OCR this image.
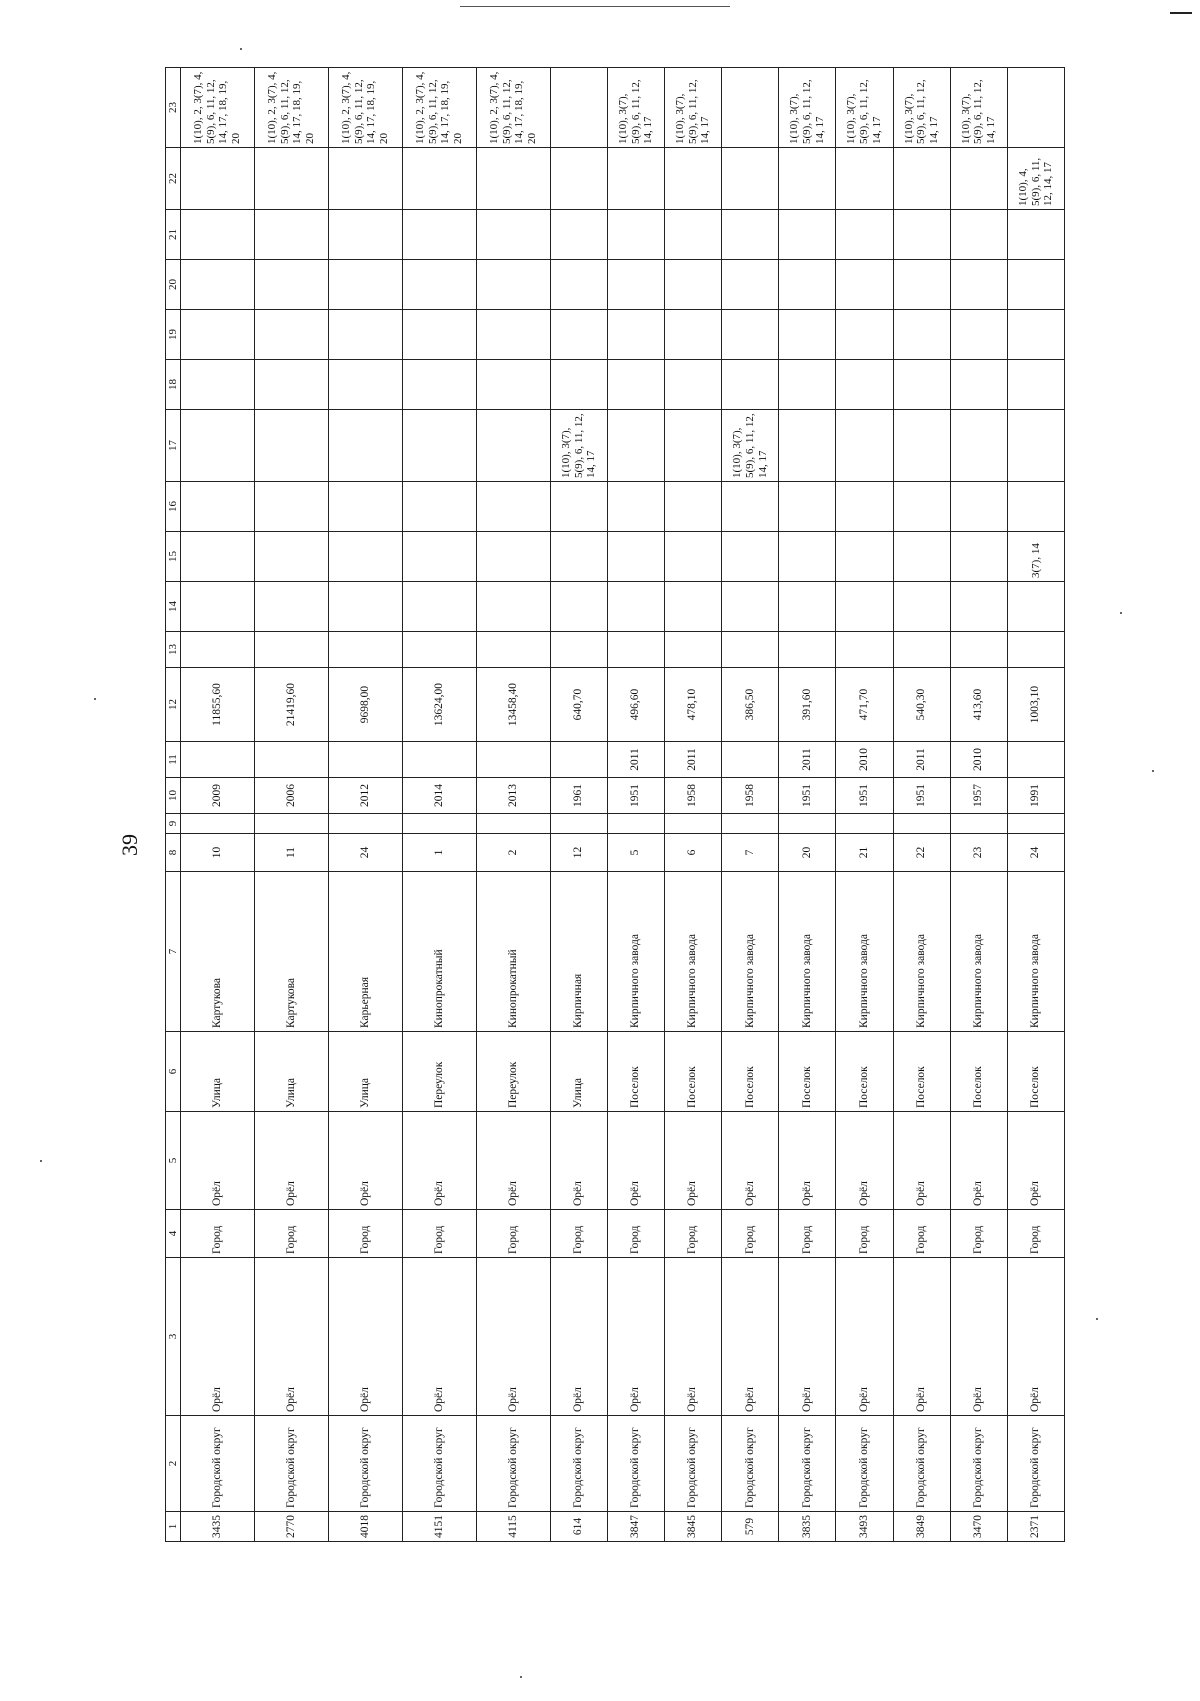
39
1	2	3	4	5	6	7	8	9	10	11	12	13	14	15	16	17	18	19	20	21	22	23
3435	Городской округ	Орёл	Город	Орёл	Улица	Картукова	10		2009		11855,60											1(10), 2, 3(7), 4, 5(9), 6, 11, 12, 14, 17, 18, 19, 20
2770	Городской округ	Орёл	Город	Орёл	Улица	Картукова	11		2006		21419,60											1(10), 2, 3(7), 4, 5(9), 6, 11, 12, 14, 17, 18, 19, 20
4018	Городской округ	Орёл	Город	Орёл	Улица	Карьерная	24		2012		9698,00											1(10), 2, 3(7), 4, 5(9), 6, 11, 12, 14, 17, 18, 19, 20
4151	Городской округ	Орёл	Город	Орёл	Переулок	Кинопрокатный	1		2014		13624,00											1(10), 2, 3(7), 4, 5(9), 6, 11, 12, 14, 17, 18, 19, 20
4115	Городской округ	Орёл	Город	Орёл	Переулок	Кинопрокатный	2		2013		13458,40											1(10), 2, 3(7), 4, 5(9), 6, 11, 12, 14, 17, 18, 19, 20
614	Городской округ	Орёл	Город	Орёл	Улица	Кирпичная	12		1961		640,70					1(10), 3(7), 5(9), 6, 11, 12, 14, 17						
3847	Городской округ	Орёл	Город	Орёл	Поселок	Кирпичного завода	5		1951	2011	496,60											1(10), 3(7), 5(9), 6, 11, 12, 14, 17
3845	Городской округ	Орёл	Город	Орёл	Поселок	Кирпичного завода	6		1958	2011	478,10											1(10), 3(7), 5(9), 6, 11, 12, 14, 17
579	Городской округ	Орёл	Город	Орёл	Поселок	Кирпичного завода	7		1958		386,50					1(10), 3(7), 5(9), 6, 11, 12, 14, 17						
3835	Городской округ	Орёл	Город	Орёл	Поселок	Кирпичного завода	20		1951	2011	391,60											1(10), 3(7), 5(9), 6, 11, 12, 14, 17
3493	Городской округ	Орёл	Город	Орёл	Поселок	Кирпичного завода	21		1951	2010	471,70											1(10), 3(7), 5(9), 6, 11, 12, 14, 17
3849	Городской округ	Орёл	Город	Орёл	Поселок	Кирпичного завода	22		1951	2011	540,30											1(10), 3(7), 5(9), 6, 11, 12, 14, 17
3470	Городской округ	Орёл	Город	Орёл	Поселок	Кирпичного завода	23		1957	2010	413,60											1(10), 3(7), 5(9), 6, 11, 12, 14, 17
2371	Городской округ	Орёл	Город	Орёл	Поселок	Кирпичного завода	24		1991		1003,10			3(7), 14							1(10), 4, 5(9), 6, 11, 12, 14, 17	
